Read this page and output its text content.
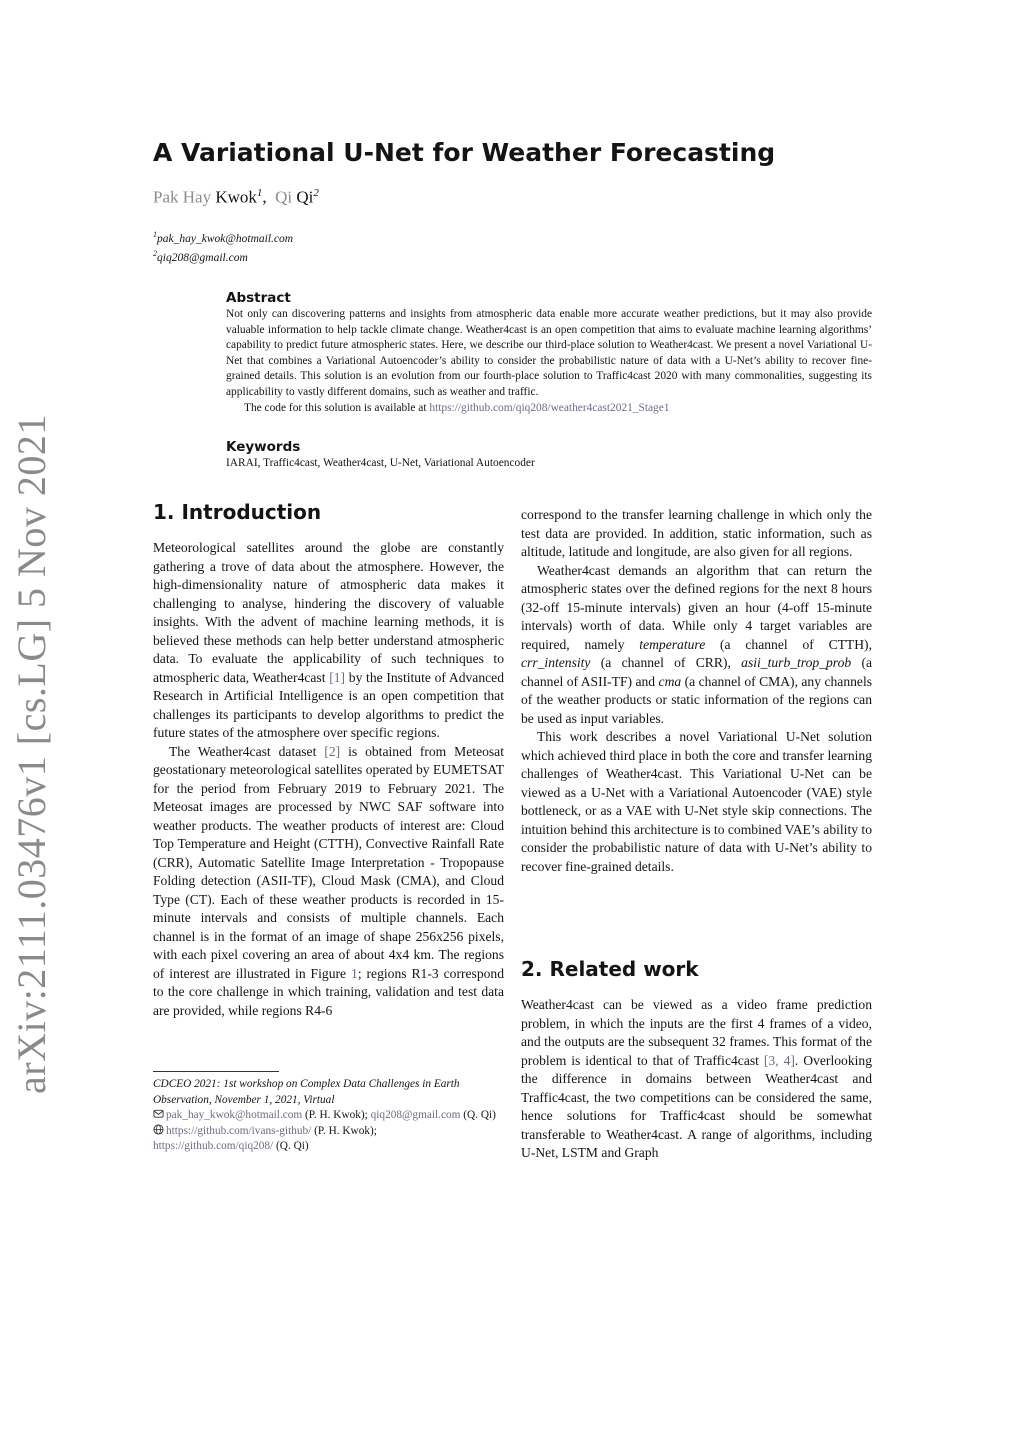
arXiv:2111.03476v1 [cs.LG] 5 Nov 2021
A Variational U-Net for Weather Forecasting
Pak Hay Kwok$^1$, Qi Qi$^2$
$^1$pak_hay_kwok@hotmail.com
$^2$qiq208@gmail.com
Abstract

Not only can discovering patterns and insights from atmospheric data enable more accurate weather predictions, but it may also provide valuable information to help tackle climate change. Weather4cast is an open competition that aims to evaluate machine learning algorithms’ capability to predict future atmospheric states. Here, we describe our third-place solution to Weather4cast. We present a novel Variational U-Net that combines a Variational Autoencoder’s ability to consider the probabilistic nature of data with a U-Net’s ability to recover fine-grained details. This solution is an evolution from our fourth-place solution to Traffic4cast 2020 with many commonalities, suggesting its applicability to vastly different domains, such as weather and traffic.

The code for this solution is available at https://github.com/qiq208/weather4cast2021_Stage1

Keywords

IARAI, Traffic4cast, Weather4cast, U-Net, Variational Autoencoder

1. Introduction

Meteorological satellites around the globe are constantly gathering a trove of data about the atmosphere. However, the high-dimensionality nature of atmospheric data makes it challenging to analyse, hindering the discovery of valuable insights. With the advent of machine learning methods, it is believed these methods can help better understand atmospheric data. To evaluate the applicability of such techniques to atmospheric data, Weather4cast [1] by the Institute of Advanced Research in Artificial Intelligence is an open competition that challenges its participants to develop algorithms to predict the future states of the atmosphere over specific regions.

The Weather4cast dataset [2] is obtained from Meteosat geostationary meteorological satellites operated by EUMETSAT for the period from February 2019 to February 2021. The Meteosat images are processed by NWC SAF software into weather products. The weather products of interest are: Cloud Top Temperature and Height (CTTH), Convective Rainfall Rate (CRR), Automatic Satellite Image Interpretation - Tropopause Folding detection (ASII-TF), Cloud Mask (CMA), and Cloud Type (CT). Each of these weather products is recorded in 15-minute intervals and consists of multiple channels. Each channel is in the format of an image of shape 256x256 pixels, with each pixel covering an area of about 4x4 km. The regions of interest are illustrated in Figure 1; regions R1-3 correspond to the core challenge in which training, validation and test data are provided, while regions R4-6

correspond to the transfer learning challenge in which only the test data are provided. In addition, static information, such as altitude, latitude and longitude, are also given for all regions.

Weather4cast demands an algorithm that can return the atmospheric states over the defined regions for the next 8 hours (32-off 15-minute intervals) given an hour (4-off 15-minute intervals) worth of data. While only 4 target variables are required, namely temperature (a channel of CTTH), crr_intensity (a channel of CRR), asii_turb_trop_prob (a channel of ASII-TF) and cma (a channel of CMA), any channels of the weather products or static information of the regions can be used as input variables.

This work describes a novel Variational U-Net solution which achieved third place in both the core and transfer learning challenges of Weather4cast. This Variational U-Net can be viewed as a U-Net with a Variational Autoencoder (VAE) style bottleneck, or as a VAE with U-Net style skip connections. The intuition behind this architecture is to combined VAE’s ability to consider the probabilistic nature of data with U-Net’s ability to recover fine-grained details.

2. Related work

Weather4cast can be viewed as a video frame prediction problem, in which the inputs are the first 4 frames of a video, and the outputs are the subsequent 32 frames. This format of the problem is identical to that of Traffic4cast [3, 4]. Overlooking the difference in domains between Weather4cast and Traffic4cast, the two competitions can be considered the same, hence solutions for Traffic4cast should be somewhat transferable to Weather4cast. A range of algorithms, including U-Net, LSTM and Graph

CDCEO 2021: 1st workshop on Complex Data Challenges in Earth Observation, November 1, 2021, Virtual

pak_hay_kwok@hotmail.com (P. H. Kwok); qiq208@gmail.com (Q. Qi)

https://github.com/ivans-github/ (P. H. Kwok);
https://github.com/qiq208/ (Q. Qi)
